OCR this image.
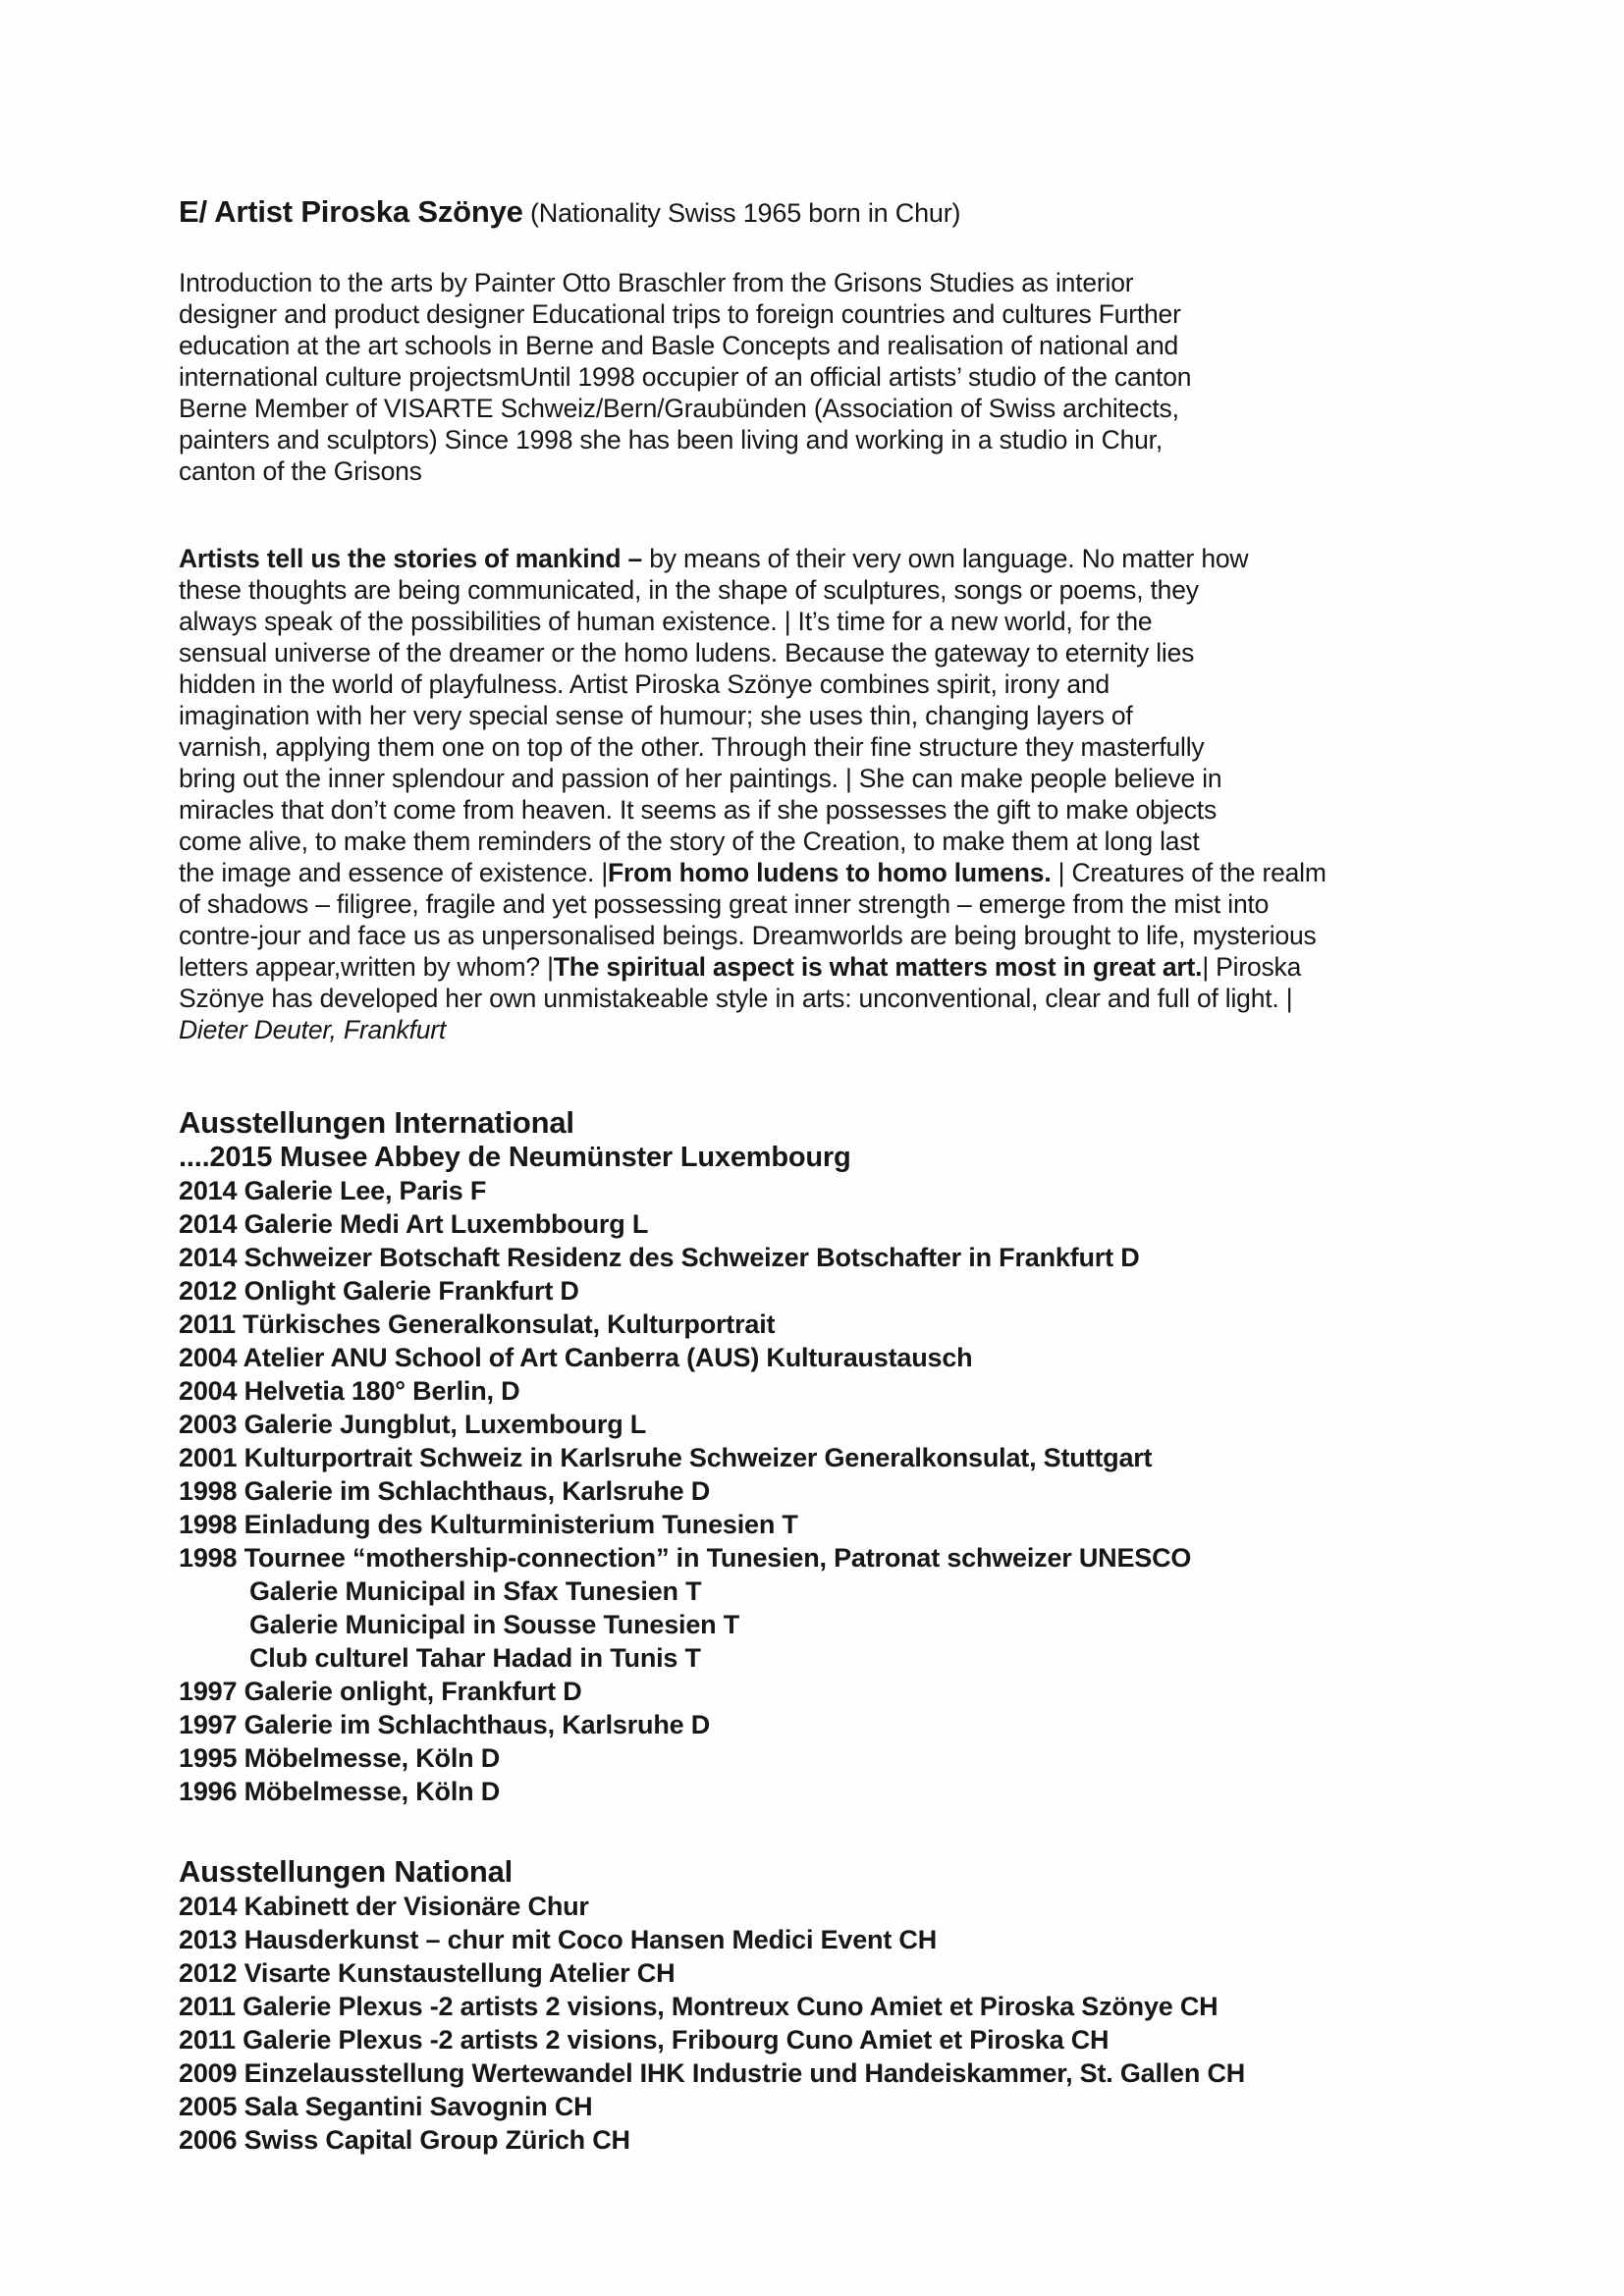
E/ Artist Piroska Szönye (Nationality Swiss 1965 born in Chur)

Introduction to the arts by Painter Otto Braschler from the Grisons Studies as interior
designer and product designer Educational trips to foreign countries and cultures Further
education at the art schools in Berne and Basle Concepts and realisation of national and
international culture projectsmUntil 1998 occupier of an official artists’ studio of the canton
Berne Member of VISARTE Schweiz/Bern/Graubünden (Association of Swiss architects,
painters and sculptors) Since 1998 she has been living and working in a studio in Chur,
canton of the Grisons

Artists tell us the stories of mankind – by means of their very own language. No matter how
these thoughts are being communicated, in the shape of sculptures, songs or poems, they
always speak of the possibilities of human existence. | It’s time for a new world, for the
sensual universe of the dreamer or the homo ludens. Because the gateway to eternity lies
hidden in the world of playfulness. Artist Piroska Szönye combines spirit, irony and
imagination with her very special sense of humour; she uses thin, changing layers of
varnish, applying them one on top of the other. Through their fine structure they masterfully
bring out the inner splendour and passion of her paintings. | She can make people believe in
miracles that don’t come from heaven. It seems as if she possesses the gift to make objects
come alive, to make them reminders of the story of the Creation, to make them at long last
the image and essence of existence. |From homo ludens to homo lumens. | Creatures of the realm
of shadows – filigree, fragile and yet possessing great inner strength – emerge from the mist into
contre-jour and face us as unpersonalised beings. Dreamworlds are being brought to life, mysterious
letters appear,written by whom? |The spiritual aspect is what matters most in great art.| Piroska
Szönye has developed her own unmistakeable style in arts: unconventional, clear and full of light. |
Dieter Deuter, Frankfurt

Ausstellungen International
....2015 Musee Abbey de Neumünster Luxembourg
2014 Galerie Lee, Paris F
2014 Galerie Medi Art Luxembbourg L
2014 Schweizer Botschaft Residenz des Schweizer Botschafter in Frankfurt D
2012 Onlight Galerie Frankfurt D
2011 Türkisches Generalkonsulat, Kulturportrait
2004 Atelier ANU School of Art Canberra (AUS) Kulturaustausch
2004 Helvetia 180° Berlin, D
2003 Galerie Jungblut, Luxembourg L
2001 Kulturportrait Schweiz in Karlsruhe Schweizer Generalkonsulat, Stuttgart
1998 Galerie im Schlachthaus, Karlsruhe D
1998 Einladung des Kulturministerium Tunesien T
1998 Tournee “mothership-connection” in Tunesien, Patronat schweizer UNESCO
Galerie Municipal in Sfax Tunesien T
Galerie Municipal in Sousse Tunesien T
Club culturel Tahar Hadad in Tunis T
1997 Galerie onlight, Frankfurt D
1997 Galerie im Schlachthaus, Karlsruhe D
1995 Möbelmesse, Köln D
1996 Möbelmesse, Köln D
Ausstellungen National
2014 Kabinett der Visionäre Chur
2013 Hausderkunst – chur mit Coco Hansen Medici Event CH
2012 Visarte Kunstaustellung Atelier CH
2011 Galerie Plexus -2 artists 2 visions, Montreux Cuno Amiet et Piroska Szönye CH
2011 Galerie Plexus -2 artists 2 visions, Fribourg Cuno Amiet et Piroska CH
2009 Einzelausstellung Wertewandel IHK Industrie und Handeiskammer, St. Gallen CH
2005 Sala Segantini Savognin CH
2006 Swiss Capital Group Zürich CH
